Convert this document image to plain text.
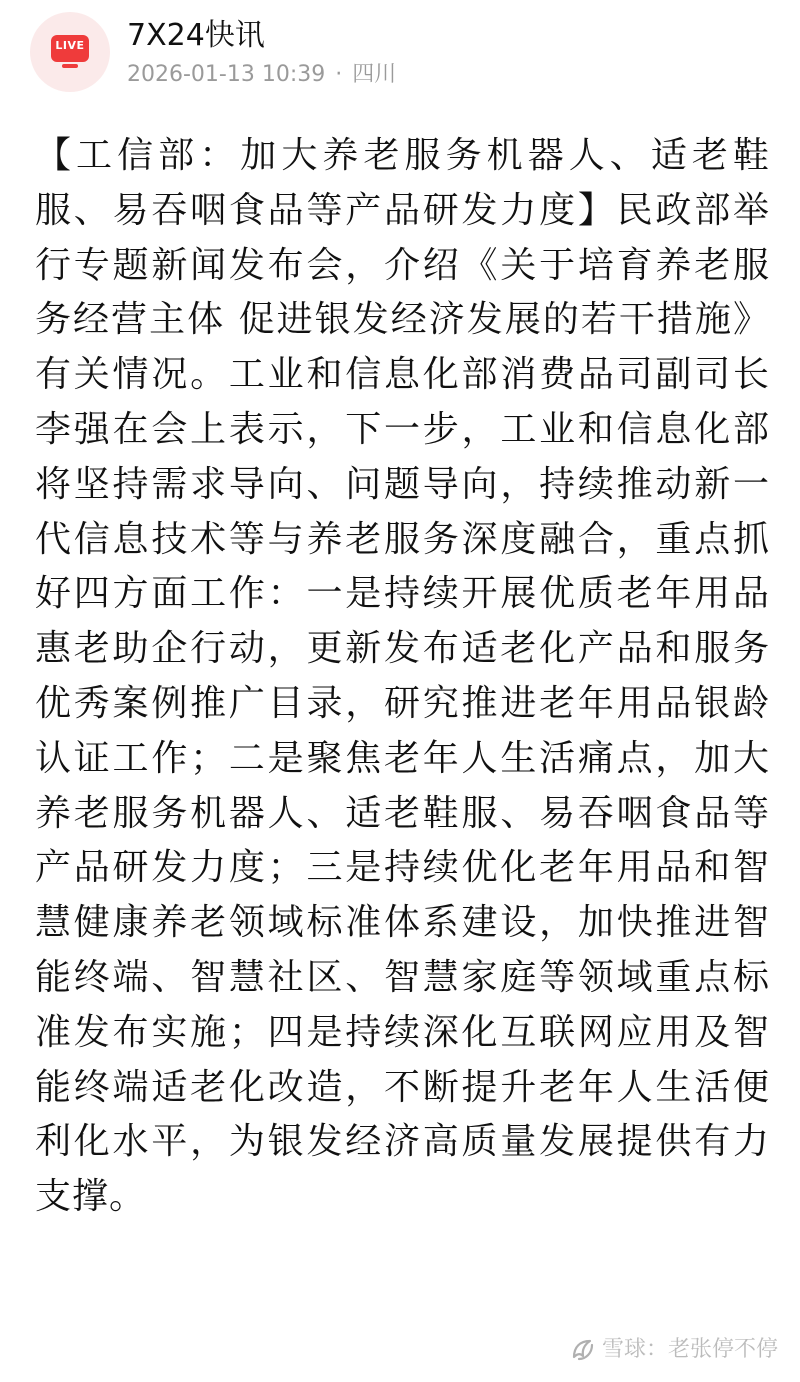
LIVE 7X24快讯
2026-01-13 10:39 · 四川
【工信部：加大养老服务机器人、适老鞋服、易吞咽食品等产品研发力度】民政部举行专题新闻发布会，介绍《关于培育养老服务经营主体 促进银发经济发展的若干措施》有关情况。工业和信息化部消费品司副司长李强在会上表示，下一步，工业和信息化部将坚持需求导向、问题导向，持续推动新一代信息技术等与养老服务深度融合，重点抓好四方面工作：一是持续开展优质老年用品惠老助企行动，更新发布适老化产品和服务优秀案例推广目录，研究推进老年用品银龄认证工作；二是聚焦老年人生活痛点，加大养老服务机器人、适老鞋服、易吞咽食品等产品研发力度；三是持续优化老年用品和智慧健康养老领域标准体系建设，加快推进智能终端、智慧社区、智慧家庭等领域重点标准发布实施；四是持续深化互联网应用及智能终端适老化改造，不断提升老年人生活便利化水平，为银发经济高质量发展提供有力支撑。
雪球：老张停不停
